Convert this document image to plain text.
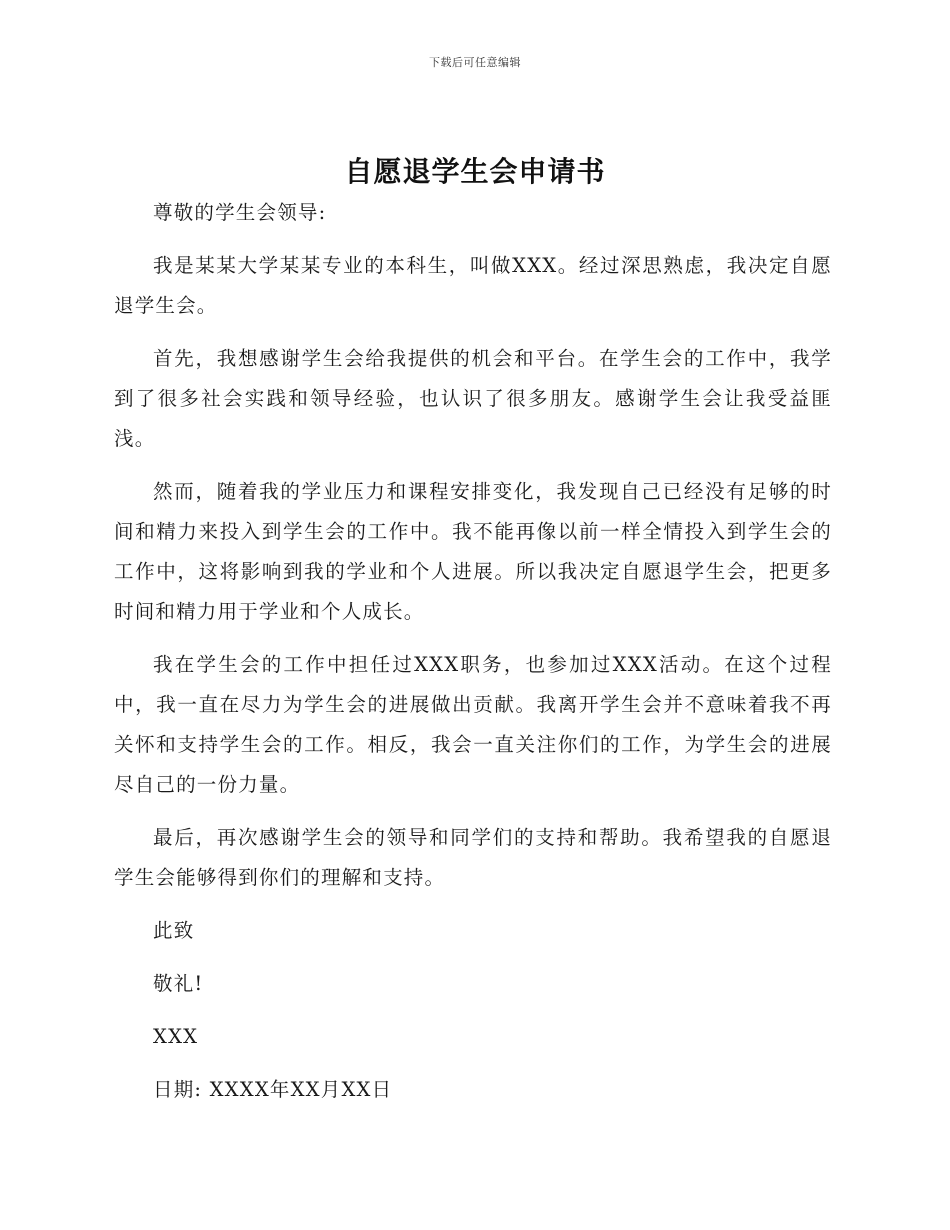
下载后可任意编辑
自愿退学生会申请书

尊敬的学生会领导:

我是某某大学某某专业的本科生，叫做XXX。经过深思熟虑，我决定自愿退学生会。

首先，我想感谢学生会给我提供的机会和平台。在学生会的工作中，我学到了很多社会实践和领导经验，也认识了很多朋友。感谢学生会让我受益匪浅。

然而，随着我的学业压力和课程安排变化，我发现自己已经没有足够的时间和精力来投入到学生会的工作中。我不能再像以前一样全情投入到学生会的工作中，这将影响到我的学业和个人进展。所以我决定自愿退学生会，把更多时间和精力用于学业和个人成长。

我在学生会的工作中担任过XXX职务，也参加过XXX活动。在这个过程中，我一直在尽力为学生会的进展做出贡献。我离开学生会并不意味着我不再关怀和支持学生会的工作。相反，我会一直关注你们的工作，为学生会的进展尽自己的一份力量。

最后，再次感谢学生会的领导和同学们的支持和帮助。我希望我的自愿退学生会能够得到你们的理解和支持。

此致

敬礼!

XXX

日期: XXXX年XX月XX日
